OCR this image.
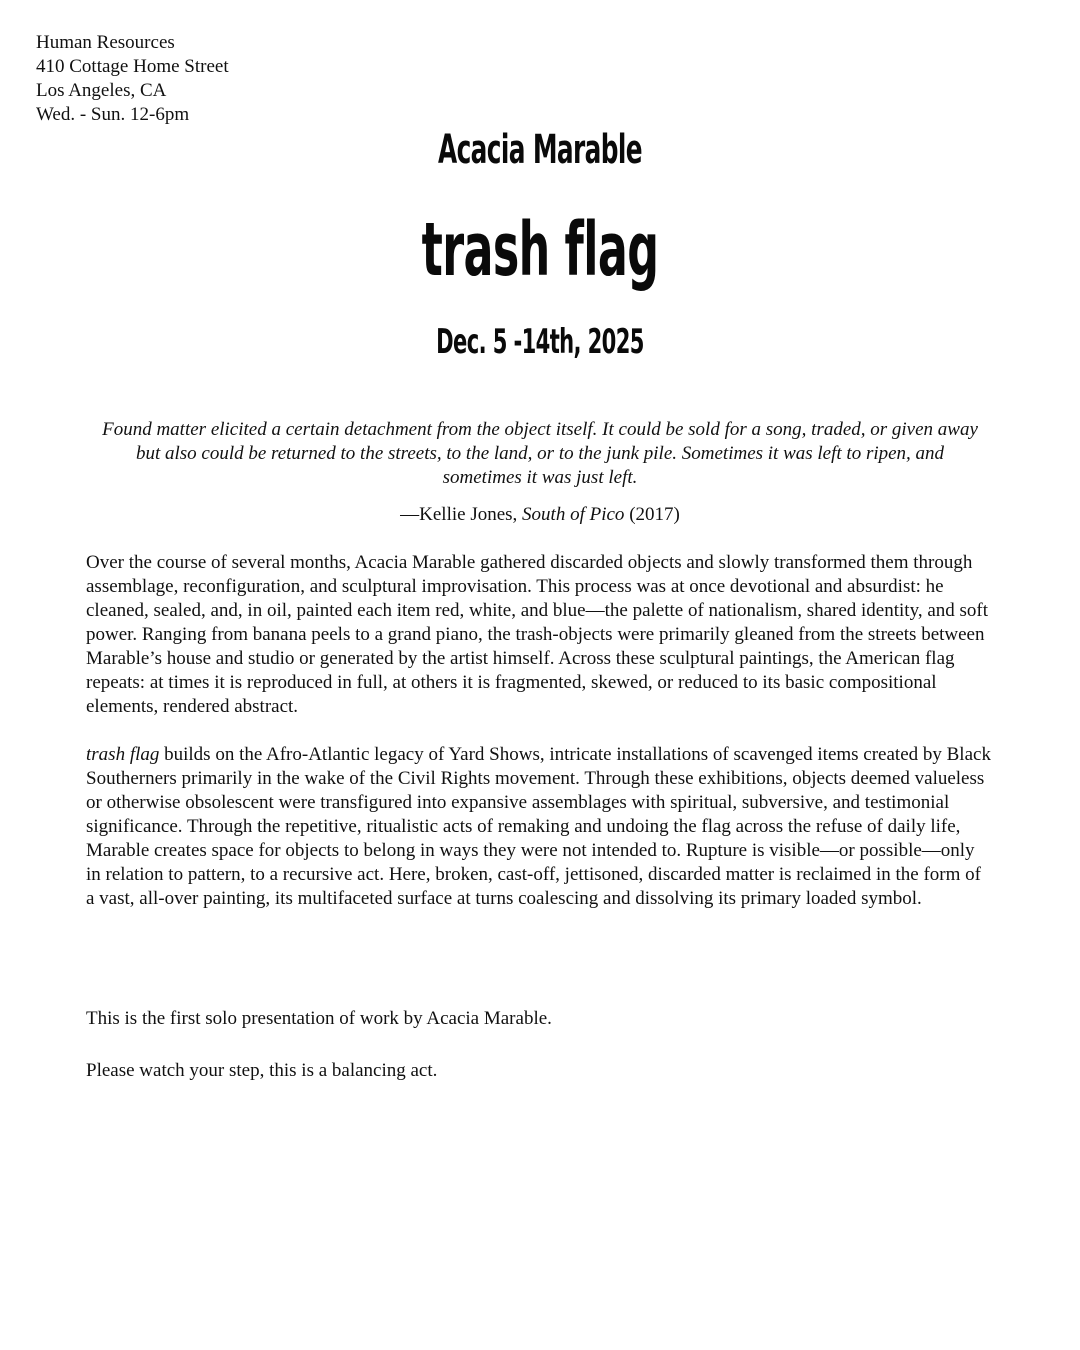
Human Resources
410 Cottage Home Street
Los Angeles, CA
Wed. - Sun. 12-6pm
Acacia Marable
trash flag
Dec. 5 -14th, 2025
Found matter elicited a certain detachment from the object itself. It could be sold for a song, traded, or given away but also could be returned to the streets, to the land, or to the junk pile. Sometimes it was left to ripen, and sometimes it was just left.
—Kellie Jones, South of Pico (2017)
Over the course of several months, Acacia Marable gathered discarded objects and slowly transformed them through assemblage, reconfiguration, and sculptural improvisation. This process was at once devotional and absurdist: he cleaned, sealed, and, in oil, painted each item red, white, and blue—the palette of nationalism, shared identity, and soft power. Ranging from banana peels to a grand piano, the trash-objects were primarily gleaned from the streets between Marable’s house and studio or generated by the artist himself. Across these sculptural paintings, the American flag repeats: at times it is reproduced in full, at others it is fragmented, skewed, or reduced to its basic compositional elements, rendered abstract.
trash flag builds on the Afro-Atlantic legacy of Yard Shows, intricate installations of scavenged items created by Black Southerners primarily in the wake of the Civil Rights movement. Through these exhibitions, objects deemed valueless or otherwise obsolescent were transfigured into expansive assemblages with spiritual, subversive, and testimonial significance. Through the repetitive, ritualistic acts of remaking and undoing the flag across the refuse of daily life, Marable creates space for objects to belong in ways they were not intended to. Rupture is visible—or possible—only in relation to pattern, to a recursive act. Here, broken, cast-off, jettisoned, discarded matter is reclaimed in the form of a vast, all-over painting, its multifaceted surface at turns coalescing and dissolving its primary loaded symbol.
This is the first solo presentation of work by Acacia Marable.
Please watch your step, this is a balancing act.
